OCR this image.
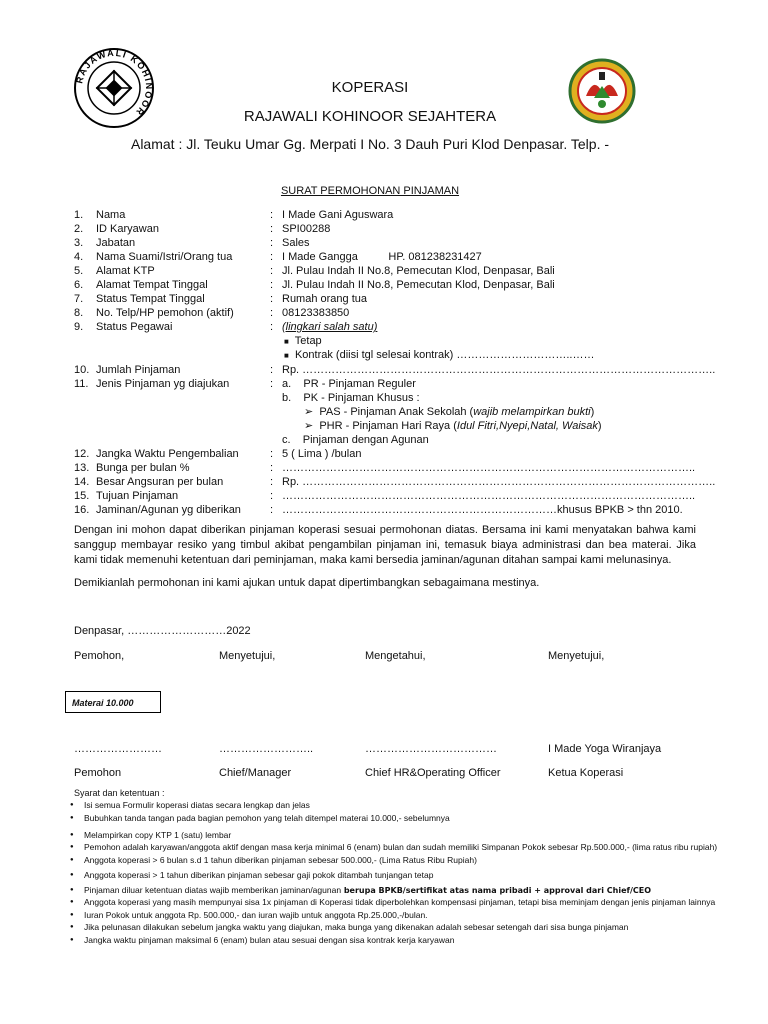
RAJAWALI KOHINOOR
KOPERASI
RAJAWALI KOHINOOR SEJAHTERA
Alamat : Jl. Teuku Umar Gg. Merpati I No. 3 Dauh Puri Klod Denpasar. Telp. -
SURAT PERMOHONAN PINJAMAN
1. Nama	: I Made Gani Aguswara
2. ID Karyawan	: SPI00288
3. Jabatan	: Sales
4. Nama Suami/Istri/Orang tua	: I Made Gangga          HP. 081238231427
5. Alamat KTP	: Jl. Pulau Indah II No.8, Pemecutan Klod, Denpasar, Bali
6. Alamat Tempat Tinggal	: Jl. Pulau Indah II No.8, Pemecutan Klod, Denpasar, Bali
7. Status Tempat Tinggal	: Rumah orang tua
8. No. Telp/HP pemohon (aktif)	: 08123383850
9. Status Pegawai	: (lingkari salah satu)
■ Tetap
■ Kontrak (diisi tgl selesai kontrak) …………………………..……
10. Jumlah Pinjaman	: Rp. …………………………………………………………………………………………………..
11. Jenis Pinjaman yg diajukan	: a.    PR - Pinjaman Reguler
b.    PK - Pinjaman Khusus :
➢ PAS - Pinjaman Anak Sekolah (wajib melampirkan bukti)
➢ PHR - Pinjaman Hari Raya (Idul Fitri,Nyepi,Natal, Waisak)
c.    Pinjaman dengan Agunan
12. Jangka Waktu Pengembalian	: 5 ( Lima ) /bulan
13. Bunga per bulan %	: …………………………………………………………………………………………………..
14. Besar Angsuran per bulan	: Rp. …………………………………………………………………………………………………..
15. Tujuan Pinjaman	: …………………………………………………………………………………………………..
16. Jaminan/Agunan yg diberikan	: …………………………………………………………………khusus BPKB > thn 2010.
Dengan ini mohon dapat diberikan pinjaman koperasi sesuai permohonan diatas. Bersama ini kami menyatakan bahwa kami sanggup membayar resiko yang timbul akibat pengambilan pinjaman ini, temasuk biaya administrasi dan bea materai. Jika kami tidak memenuhi ketentuan dari peminjaman, maka kami bersedia jaminan/agunan ditahan sampai kami melunasinya.
Demikianlah permohonan ini kami ajukan untuk dapat dipertimbangkan sebagaimana mestinya.
Denpasar, ………………………2022
Pemohon,	Menyetujui,	Mengetahui,	Menyetujui,
Materai 10.000
……………………	……………………..	………………………………	I Made Yoga Wiranjaya
Pemohon	Chief/Manager	Chief HR&Operating Officer	Ketua Koperasi
Syarat dan ketentuan :
● Isi semua Formulir koperasi diatas secara lengkap dan jelas
● Bubuhkan tanda tangan pada bagian pemohon yang telah ditempel materai 10.000,- sebelumnya
● Melampirkan copy KTP 1 (satu) lembar
● Pemohon adalah karyawan/anggota aktif dengan masa kerja minimal 6 (enam) bulan dan sudah memiliki Simpanan Pokok sebesar Rp.500.000,- (lima ratus ribu rupiah)
● Anggota koperasi > 6 bulan s.d 1 tahun diberikan pinjaman sebesar 500.000,- (Lima Ratus Ribu Rupiah)
● Anggota koperasi > 1 tahun diberikan pinjaman sebesar gaji pokok ditambah tunjangan tetap
● Pinjaman diluar ketentuan diatas wajib memberikan jaminan/agunan berupa BPKB/sertifikat atas nama pribadi + approval dari Chief/CEO
● Anggota koperasi yang masih mempunyai sisa 1x pinjaman di Koperasi tidak diperbolehkan kompensasi pinjaman, tetapi bisa meminjam dengan jenis pinjaman lainnya
● Iuran Pokok untuk anggota Rp. 500.000,- dan iuran wajib untuk anggota Rp.25.000,-/bulan.
● Jika pelunasan dilakukan sebelum jangka waktu yang diajukan, maka bunga yang dikenakan adalah sebesar setengah dari sisa bunga pinjaman
● Jangka waktu pinjaman maksimal 6 (enam) bulan atau sesuai dengan sisa kontrak kerja karyawan
